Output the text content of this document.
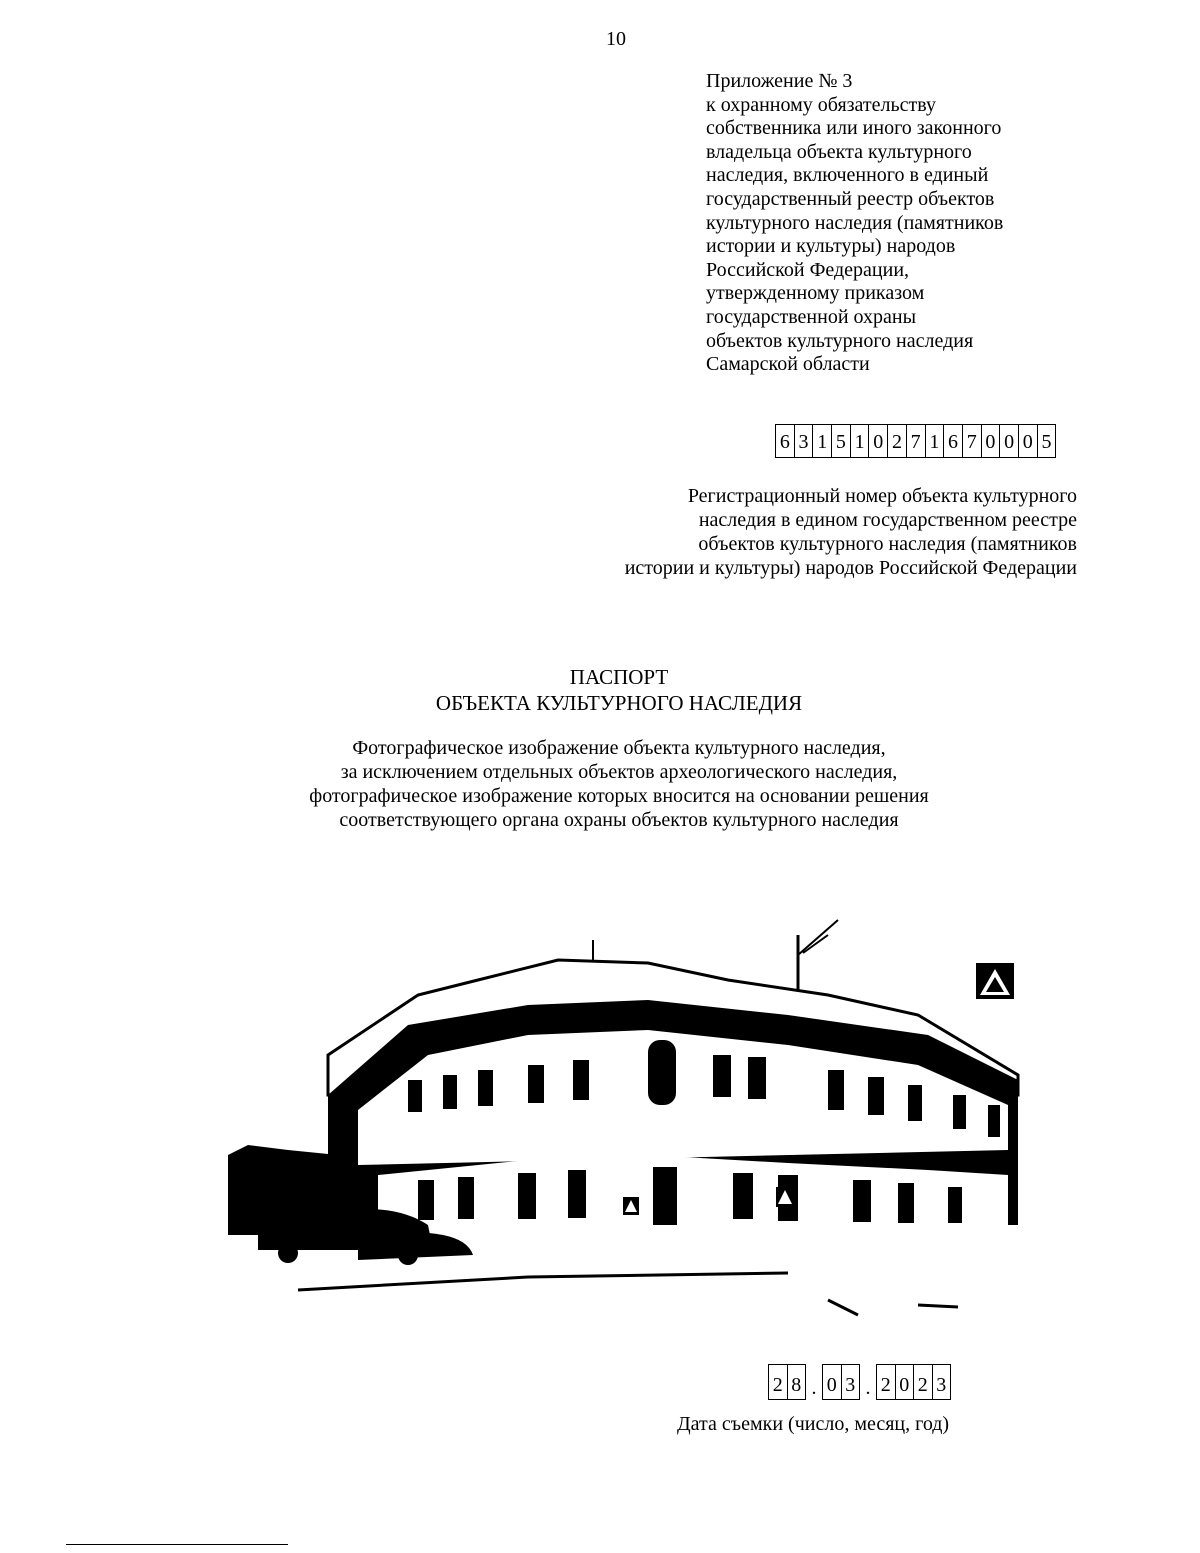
10
Приложение № 3
к охранному обязательству
собственника или иного законного
владельца объекта культурного
наследия, включенного в единый
государственный реестр объектов
культурного наследия (памятников
истории и культуры) народов
Российской Федерации,
утвержденному приказом
государственной охраны
объектов культурного наследия
Самарской области
6 3 1 5 1 0 2 7 1 6 7 0 0 0 5
Регистрационный номер объекта культурного
наследия в едином государственном реестре
объектов культурного наследия (памятников
истории и культуры) народов Российской Федерации
ПАСПОРТ
ОБЪЕКТА КУЛЬТУРНОГО НАСЛЕДИЯ
Фотографическое изображение объекта культурного наследия,
за исключением отдельных объектов археологического наследия,
фотографическое изображение которых вносится на основании решения
соответствующего органа охраны объектов культурного наследия
2 8 . 0 3 . 2 0 2 3
Дата съемки (число, месяц, год)
